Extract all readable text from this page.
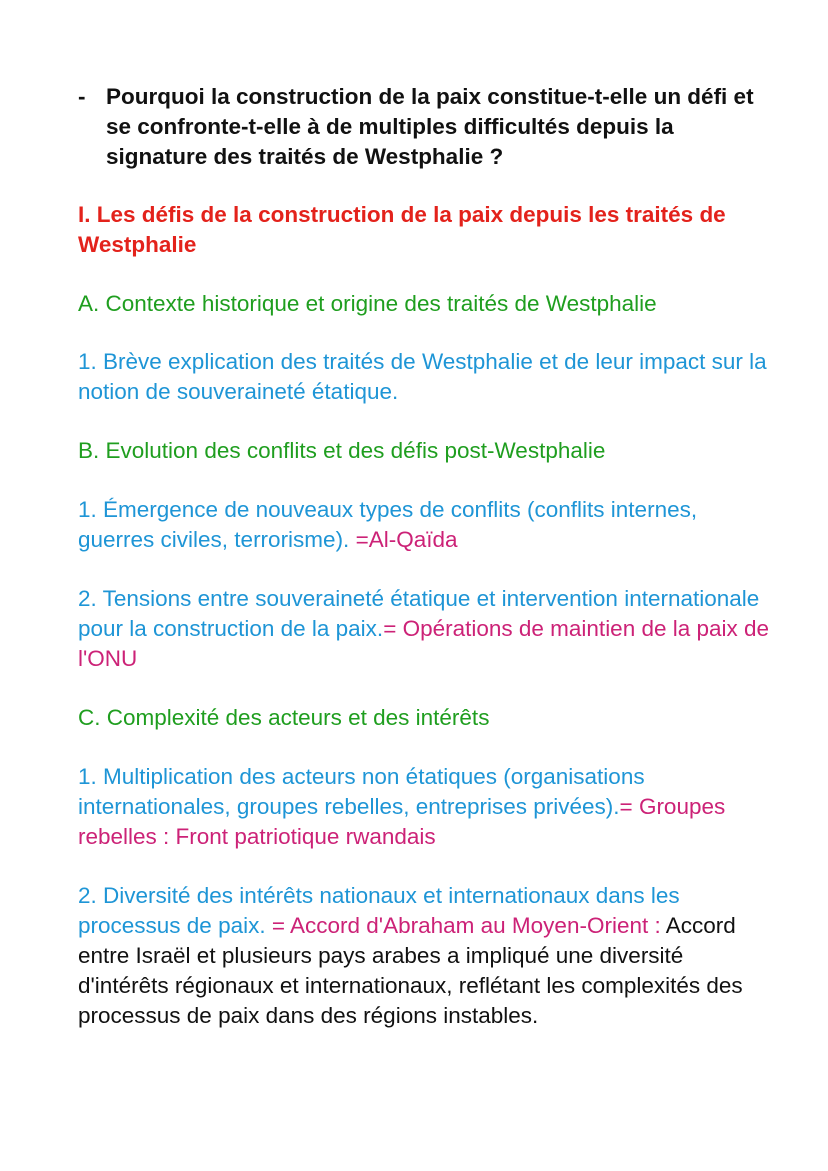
- Pourquoi la construction de la paix constitue-t-elle un défi et se confronte-t-elle à de multiples difficultés depuis la signature des traités de Westphalie ?
I. Les défis de la construction de la paix depuis les traités de Westphalie
A. Contexte historique et origine des traités de Westphalie
1. Brève explication des traités de Westphalie et de leur impact sur la notion de souveraineté étatique.
B. Evolution des conflits et des défis post-Westphalie
1. Émergence de nouveaux types de conflits (conflits internes, guerres civiles, terrorisme). =Al-Qaïda
2. Tensions entre souveraineté étatique et intervention internationale pour la construction de la paix.= Opérations de maintien de la paix de l'ONU
C. Complexité des acteurs et des intérêts
1. Multiplication des acteurs non étatiques (organisations internationales, groupes rebelles, entreprises privées).= Groupes rebelles : Front patriotique rwandais
2. Diversité des intérêts nationaux et internationaux dans les processus de paix. = Accord d'Abraham au Moyen-Orient : Accord entre Israël et plusieurs pays arabes a impliqué une diversité d'intérêts régionaux et internationaux, reflétant les complexités des processus de paix dans des régions instables.
